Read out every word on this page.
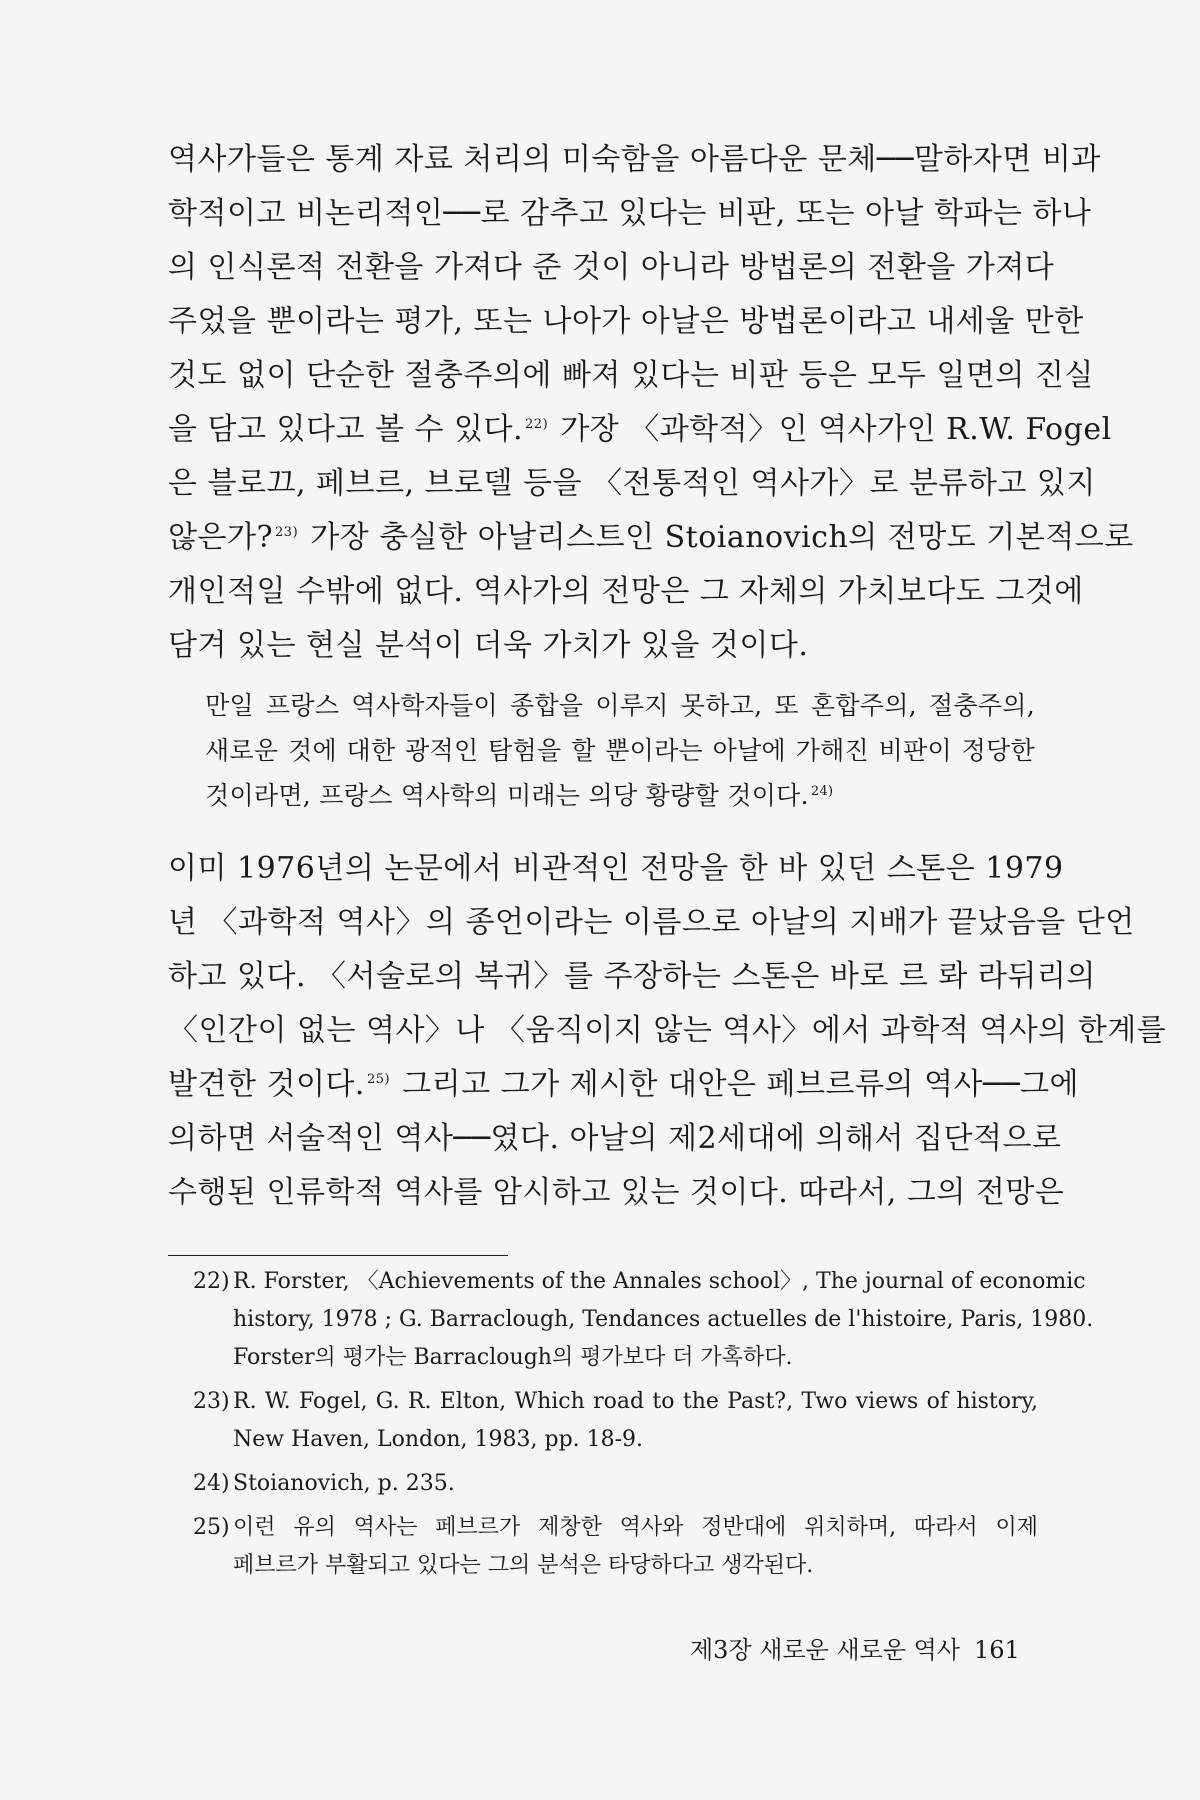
역사가들은 통계 자료 처리의 미숙함을 아름다운 문체──말하자면 비과
학적이고 비논리적인──로 감추고 있다는 비판, 또는 아날 학파는 하나
의 인식론적 전환을 가져다 준 것이 아니라 방법론의 전환을 가져다
주었을 뿐이라는 평가, 또는 나아가 아날은 방법론이라고 내세울 만한
것도 없이 단순한 절충주의에 빠져 있다는 비판 등은 모두 일면의 진실
을 담고 있다고 볼 수 있다. $^{22)}$ 가장 〈과학적〉인 역사가인 R.W. Fogel
은 블로끄, 페브르, 브로델 등을 〈전통적인 역사가〉로 분류하고 있지
않은가? $^{23)}$ 가장 충실한 아날리스트인 Stoianovich의 전망도 기본적으로
개인적일 수밖에 없다. 역사가의 전망은 그 자체의 가치보다도 그것에
담겨 있는 현실 분석이 더욱 가치가 있을 것이다.
만일 프랑스 역사학자들이 종합을 이루지 못하고, 또 혼합주의, 절충주의,
새로운 것에 대한 광적인 탐험을 할 뿐이라는 아날에 가해진 비판이 정당한
것이라면, 프랑스 역사학의 미래는 의당 황량할 것이다. $^{24)}$
이미 1976년의 논문에서 비관적인 전망을 한 바 있던 스톤은 1979
년 〈과학적 역사〉의 종언이라는 이름으로 아날의 지배가 끝났음을 단언
하고 있다. 〈서술로의 복귀〉를 주장하는 스톤은 바로 르 롸 라뒤리의
〈인간이 없는 역사〉나 〈움직이지 않는 역사〉에서 과학적 역사의 한계를
발견한 것이다. $^{25)}$ 그리고 그가 제시한 대안은 페브르류의 역사──그에
의하면 서술적인 역사──였다. 아날의 제2세대에 의해서 집단적으로
수행된 인류학적 역사를 암시하고 있는 것이다. 따라서, 그의 전망은
22) R. Forster, 〈Achievements of the Annales school〉, The journal of economic
history, 1978 ; G. Barraclough, Tendances actuelles de l'histoire, Paris, 1980.
Forster의 평가는 Barraclough의 평가보다 더 가혹하다.
23) R. W. Fogel, G. R. Elton, Which road to the Past?, Two views of history,
New Haven, London, 1983, pp. 18-9.
24) Stoianovich, p. 235.
25) 이런 유의 역사는 페브르가 제창한 역사와 정반대에 위치하며, 따라서 이제
페브르가 부활되고 있다는 그의 분석은 타당하다고 생각된다.
제3장 새로운 새로운 역사 161
